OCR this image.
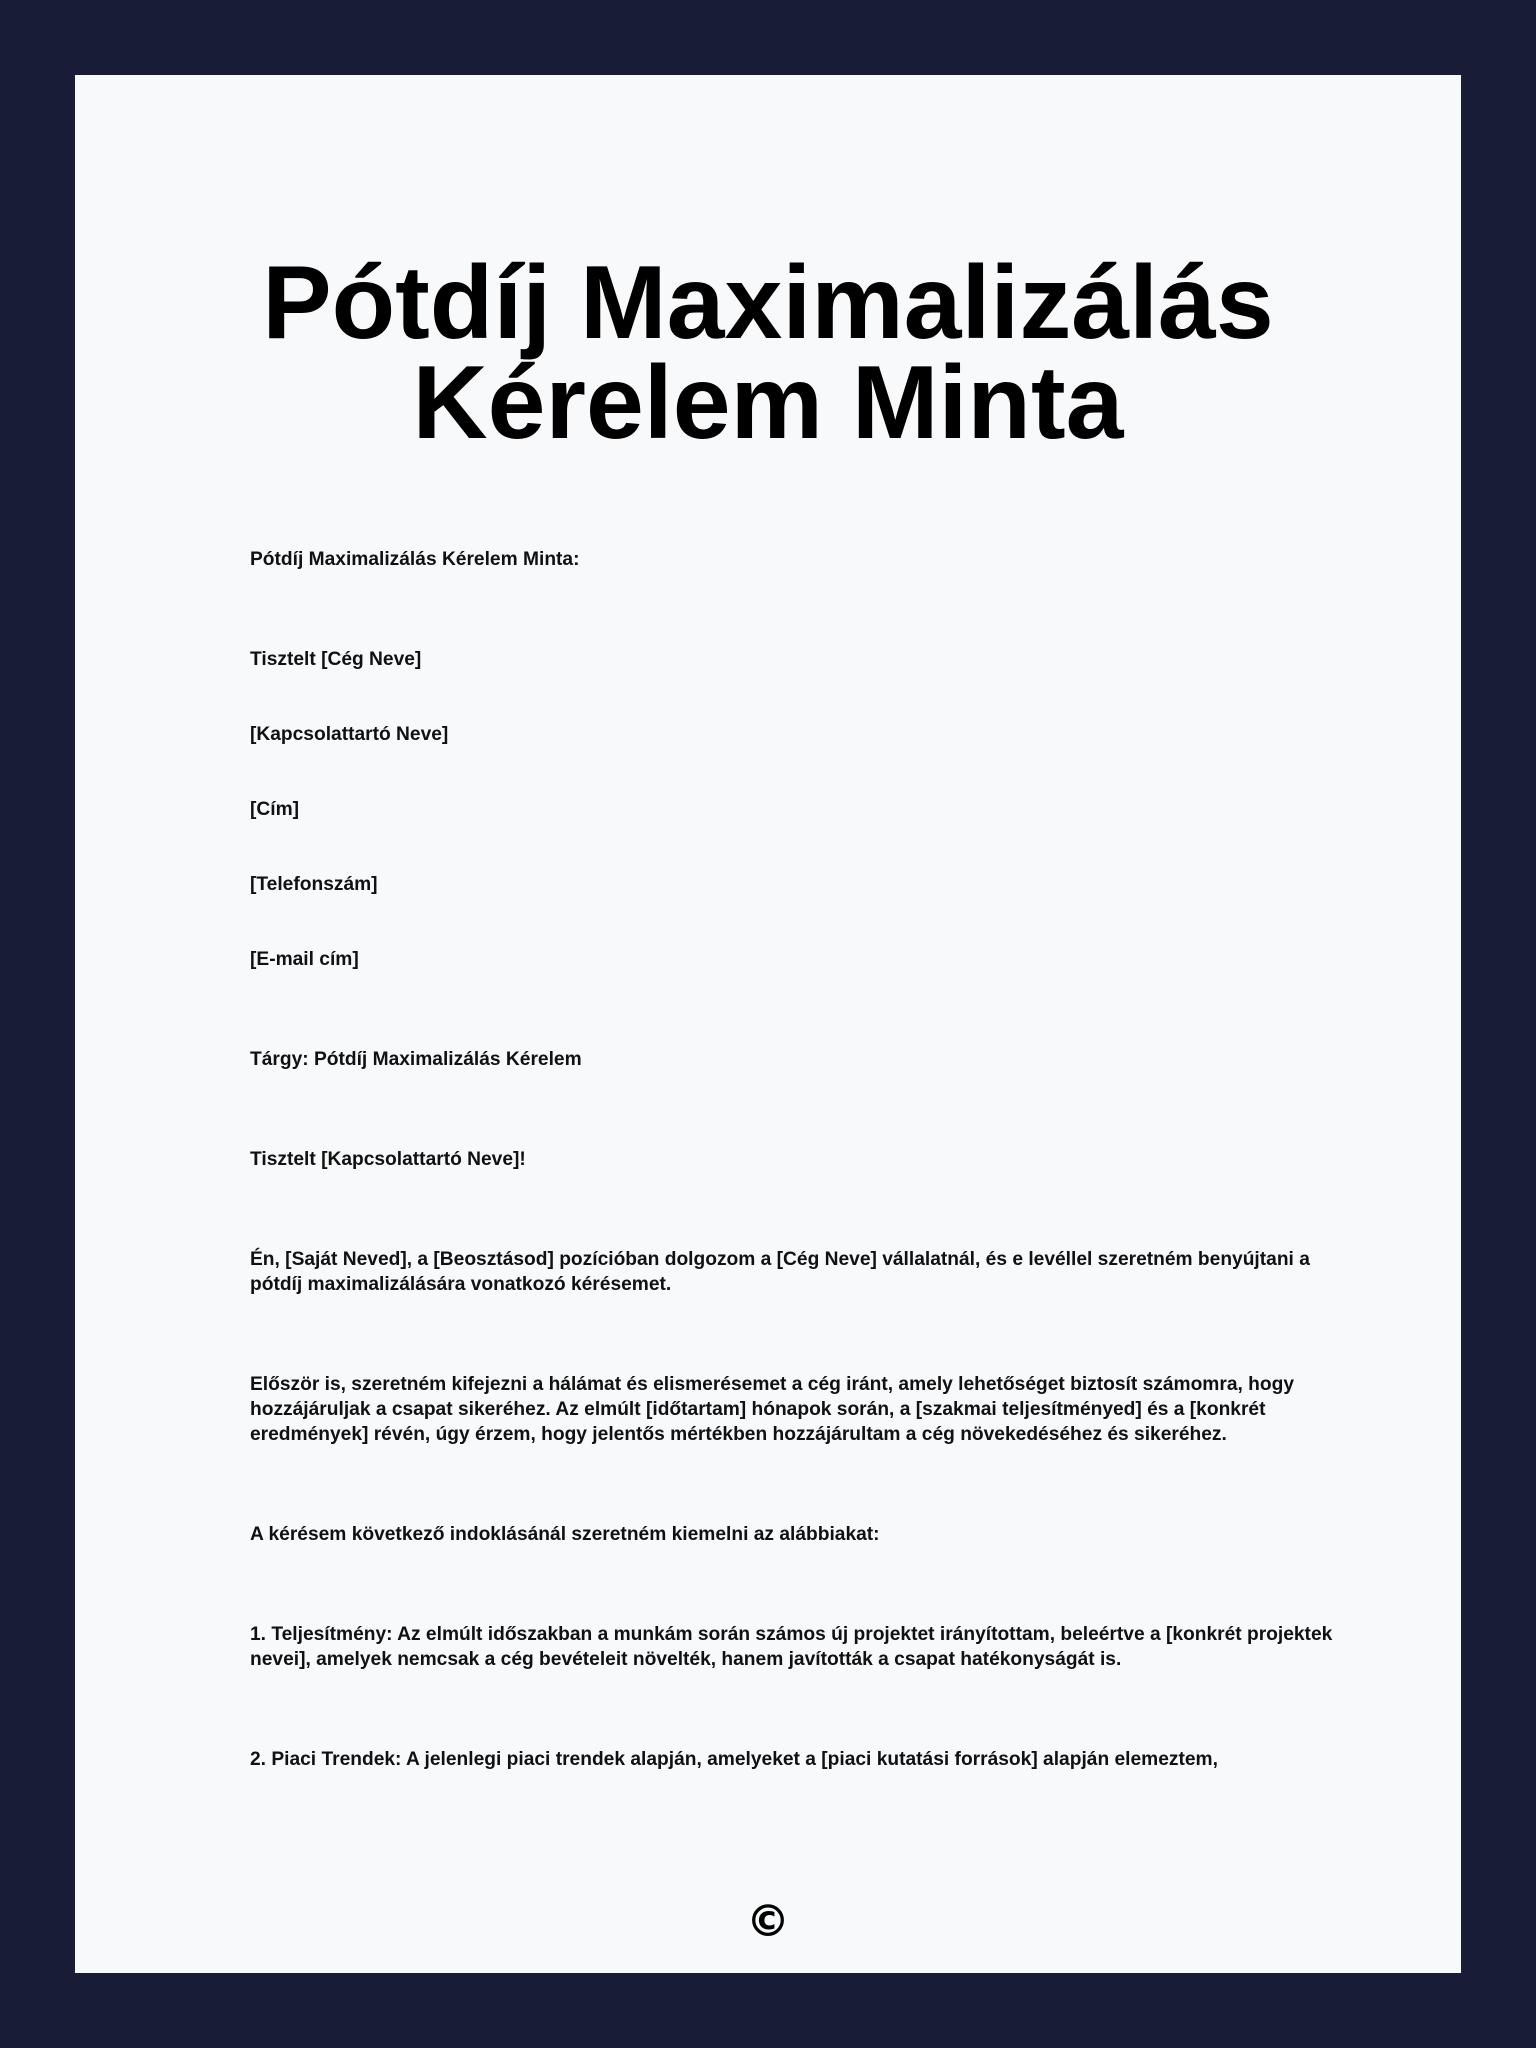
Pótdíj Maximalizálás Kérelem Minta

Pótdíj Maximalizálás Kérelem Minta:

Tisztelt [Cég Neve]

[Kapcsolattartó Neve]

[Cím]

[Telefonszám]

[E-mail cím]

Tárgy: Pótdíj Maximalizálás Kérelem

Tisztelt [Kapcsolattartó Neve]!

Én, [Saját Neved], a [Beosztásod] pozícióban dolgozom a [Cég Neve] vállalatnál, és e levéllel szeretném benyújtani a pótdíj maximalizálására vonatkozó kérésemet.

Először is, szeretném kifejezni a hálámat és elismerésemet a cég iránt, amely lehetőséget biztosít számomra, hogy hozzájáruljak a csapat sikeréhez. Az elmúlt [időtartam] hónapok során, a [szakmai teljesítményed] és a [konkrét eredmények] révén, úgy érzem, hogy jelentős mértékben hozzájárultam a cég növekedéséhez és sikeréhez.

A kérésem következő indoklásánál szeretném kiemelni az alábbiakat:

1. Teljesítmény: Az elmúlt időszakban a munkám során számos új projektet irányítottam, beleértve a [konkrét projektek nevei], amelyek nemcsak a cég bevételeit növelték, hanem javították a csapat hatékonyságát is.

2. Piaci Trendek: A jelenlegi piaci trendek alapján, amelyeket a [piaci kutatási források] alapján elemeztem,

©
